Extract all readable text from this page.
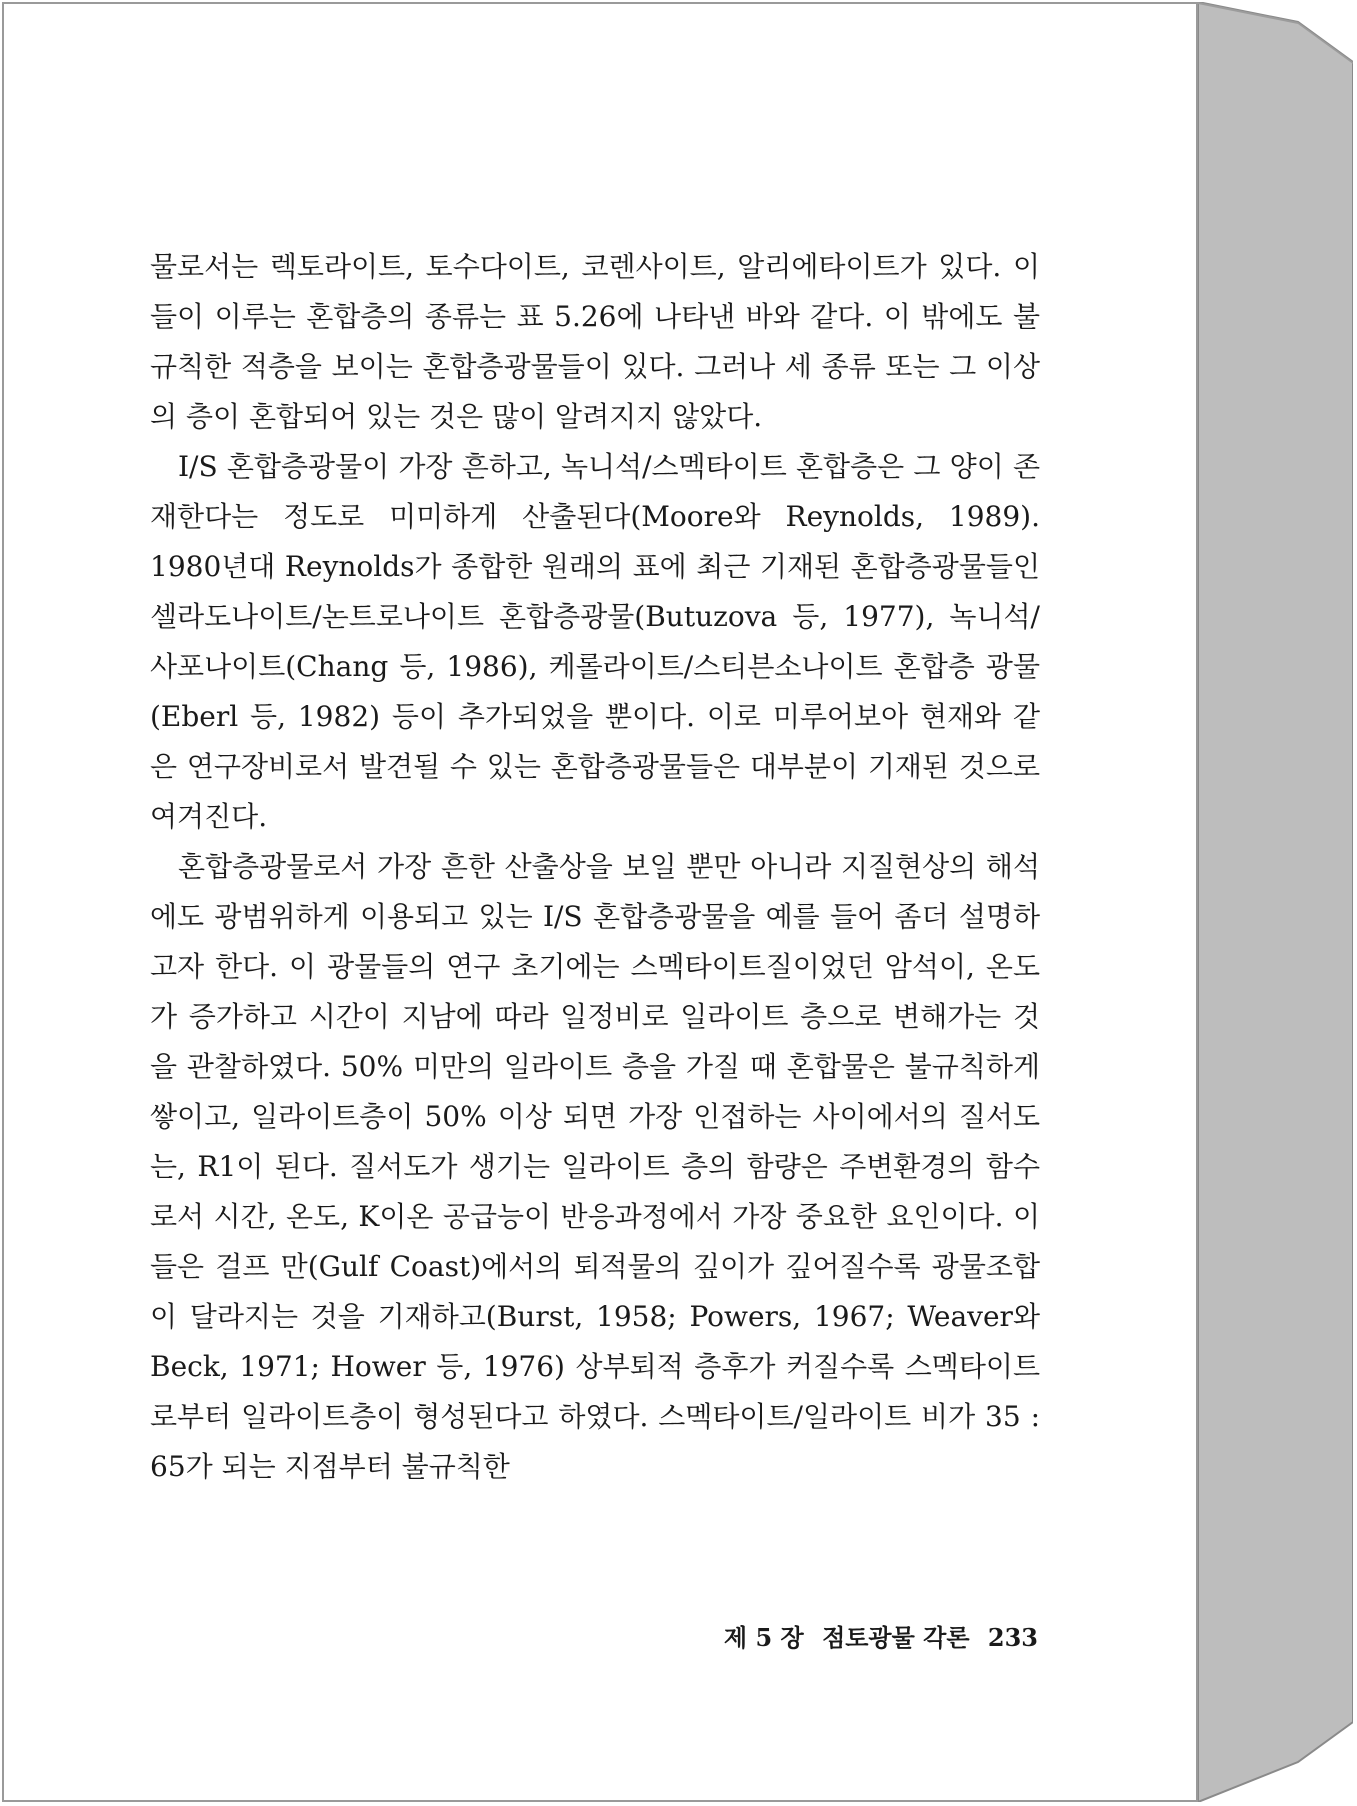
물로서는 렉토라이트, 토수다이트, 코렌사이트, 알리에타이트가 있다. 이들이 이루는 혼합층의 종류는 표 5.26에 나타낸 바와 같다. 이 밖에도 불규칙한 적층을 보이는 혼합층광물들이 있다. 그러나 세 종류 또는 그 이상의 층이 혼합되어 있는 것은 많이 알려지지 않았다.

I/S 혼합층광물이 가장 흔하고, 녹니석/스멕타이트 혼합층은 그 양이 존재한다는 정도로 미미하게 산출된다(Moore와 Reynolds, 1989). 1980년대 Reynolds가 종합한 원래의 표에 최근 기재된 혼합층광물들인 셀라도나이트/논트로나이트 혼합층광물(Butuzova 등, 1977), 녹니석/사포나이트(Chang 등, 1986), 케롤라이트/스티븐소나이트 혼합층 광물(Eberl 등, 1982) 등이 추가되었을 뿐이다. 이로 미루어보아 현재와 같은 연구장비로서 발견될 수 있는 혼합층광물들은 대부분이 기재된 것으로 여겨진다.

혼합층광물로서 가장 흔한 산출상을 보일 뿐만 아니라 지질현상의 해석에도 광범위하게 이용되고 있는 I/S 혼합층광물을 예를 들어 좀더 설명하고자 한다. 이 광물들의 연구 초기에는 스멕타이트질이었던 암석이, 온도가 증가하고 시간이 지남에 따라 일정비로 일라이트 층으로 변해가는 것을 관찰하였다. 50% 미만의 일라이트 층을 가질 때 혼합물은 불규칙하게 쌓이고, 일라이트층이 50% 이상 되면 가장 인접하는 사이에서의 질서도는, R1이 된다. 질서도가 생기는 일라이트 층의 함량은 주변환경의 함수로서 시간, 온도, K이온 공급능이 반응과정에서 가장 중요한 요인이다. 이들은 걸프 만(Gulf Coast)에서의 퇴적물의 깊이가 깊어질수록 광물조합이 달라지는 것을 기재하고(Burst, 1958; Powers, 1967; Weaver와 Beck, 1971; Hower 등, 1976) 상부퇴적 층후가 커질수록 스멕타이트로부터 일라이트층이 형성된다고 하였다. 스멕타이트/일라이트 비가 35 : 65가 되는 지점부터 불규칙한

제 5 장 점토광물 각론 233
